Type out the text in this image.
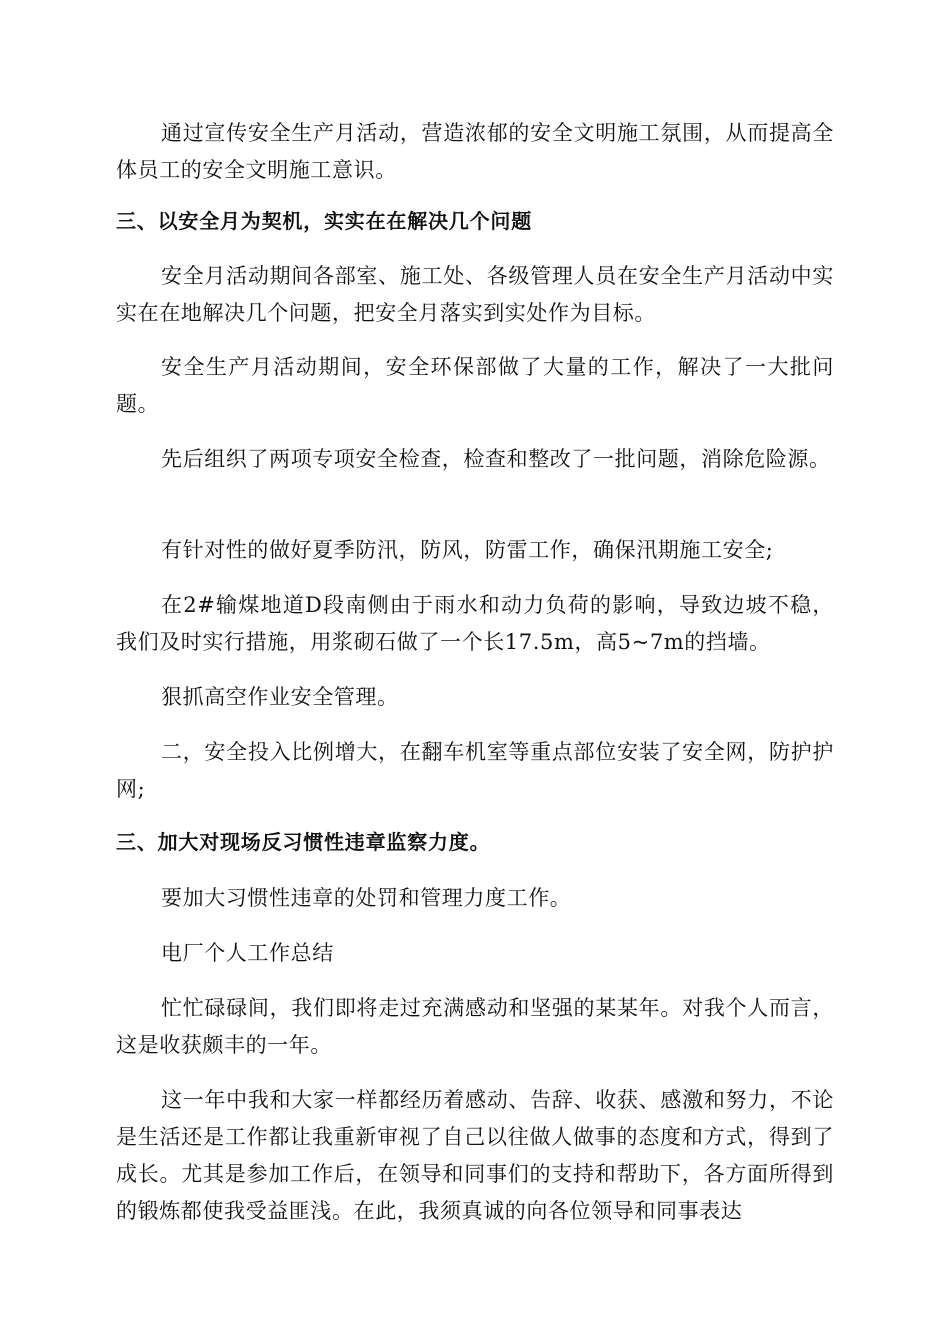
通过宣传安全生产月活动，营造浓郁的安全文明施工氛围，从而提高全体员工的安全文明施工意识。

三、以安全月为契机，实实在在解决几个问题

安全月活动期间各部室、施工处、各级管理人员在安全生产月活动中实实在在地解决几个问题，把安全月落实到实处作为目标。

安全生产月活动期间，安全环保部做了大量的工作，解决了一大批问题。

先后组织了两项专项安全检查，检查和整改了一批问题，消除危险源。

有针对性的做好夏季防汛，防风，防雷工作，确保汛期施工安全;

在2#输煤地道D段南侧由于雨水和动力负荷的影响，导致边坡不稳，我们及时实行措施，用浆砌石做了一个长17.5m，高5~7m的挡墙。

狠抓高空作业安全管理。

二，安全投入比例增大，在翻车机室等重点部位安装了安全网，防护护网;

三、加大对现场反习惯性违章监察力度。

要加大习惯性违章的处罚和管理力度工作。

电厂个人工作总结

忙忙碌碌间，我们即将走过充满感动和坚强的某某年。对我个人而言，这是收获颇丰的一年。

这一年中我和大家一样都经历着感动、告辞、收获、感激和努力，不论是生活还是工作都让我重新审视了自己以往做人做事的态度和方式，得到了成长。尤其是参加工作后，在领导和同事们的支持和帮助下，各方面所得到的锻炼都使我受益匪浅。在此，我须真诚的向各位领导和同事表达
